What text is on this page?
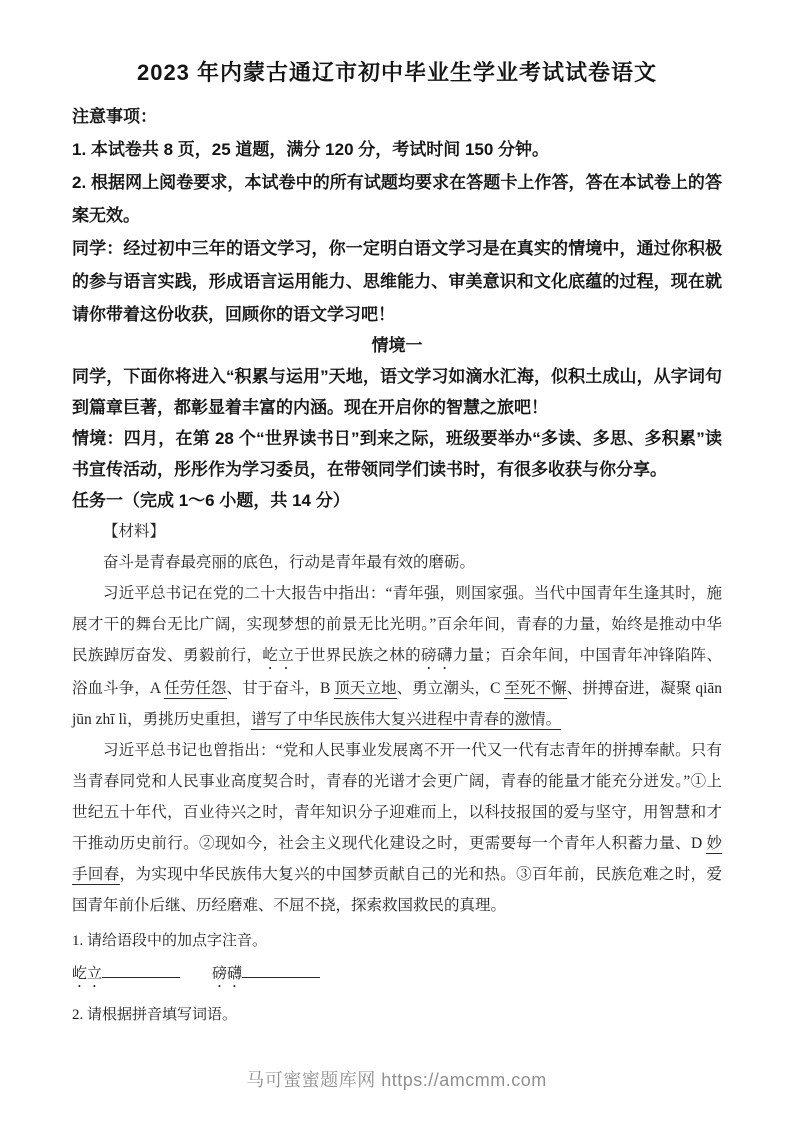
2023 年内蒙古通辽市初中毕业生学业考试试卷语文
注意事项：
1. 本试卷共 8 页，25 道题，满分 120 分，考试时间 150 分钟。
2. 根据网上阅卷要求，本试卷中的所有试题均要求在答题卡上作答，答在本试卷上的答案无效。
同学：经过初中三年的语文学习，你一定明白语文学习是在真实的情境中，通过你积极的参与语言实践，形成语言运用能力、思维能力、审美意识和文化底蕴的过程，现在就请你带着这份收获，回顾你的语文学习吧！
情境一
同学，下面你将进入“积累与运用”天地，语文学习如滴水汇海，似积土成山，从字词句到篇章巨著，都彰显着丰富的内涵。现在开启你的智慧之旅吧！
情境：四月，在第 28 个“世界读书日”到来之际，班级要举办“多读、多思、多积累”读书宣传活动，彤彤作为学习委员，在带领同学们读书时，有很多收获与你分享。
任务一（完成 1～6 小题，共 14 分）
【材料】
奋斗是青春最亮丽的底色，行动是青年最有效的磨砺。
习近平总书记在党的二十大报告中指出：“青年强，则国家强。当代中国青年生逢其时，施展才干的舞台无比广阔，实现梦想的前景无比光明。”百余年间，青春的力量，始终是推动中华民族踔厉奋发、勇毅前行，屹立于世界民族之林的磅礴力量；百余年间，中国青年冲锋陷阵、浴血斗争，A 任劳任怨、甘于奋斗，B 顶天立地、勇立潮头，C 至死不懈、拼搏奋进，凝聚 qiān jūn zhī lì，勇挑历史重担，谱写了中华民族伟大复兴进程中青春的激情。
习近平总书记也曾指出：“党和人民事业发展离不开一代又一代有志青年的拼搏奉献。只有当青春同党和人民事业高度契合时，青春的光谱才会更广阔，青春的能量才能充分迸发。”①上世纪五十年代，百业待兴之时，青年知识分子迎难而上，以科技报国的爱与坚守，用智慧和才干推动历史前行。②现如今，社会主义现代化建设之时，更需要每一个青年人积蓄力量、D 妙手回春，为实现中华民族伟大复兴的中国梦贡献自己的光和热。③百年前，民族危难之时，爱国青年前仆后继、历经磨难、不屈不挠，探索救国救民的真理。
1. 请给语段中的加点字注音。
屹立	磅礴
2. 请根据拼音填写词语。
马可蜜蜜题库网 https://amcmm.com
